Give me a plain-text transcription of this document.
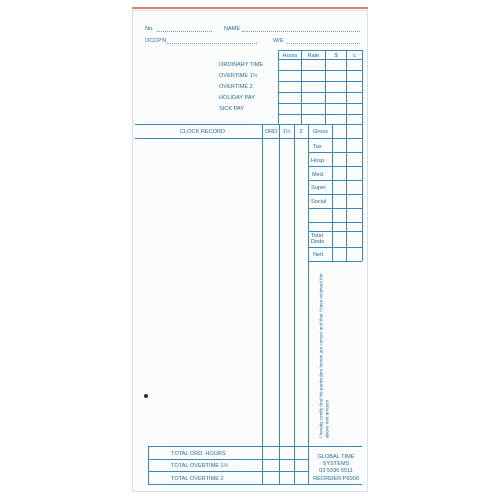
No.	NAME
OCCP'N	W/E
Hours	Rate	$	c
ORDINARY TIME
OVERTIME 1½
OVERTIME 2
HOLIDAY PAY
SICK PAY
CLOCK RECORD	ORD 1½	2	Gross
Tax
Hosp.
Med.
Super
Social
Total Dedn
Nett
I hereby certify that the particulars herein are correct and that I have received the above nett amount
TOTAL ORD. HOURS
TOTAL OVERTIME 1½
TOTAL OVERTIME 2
GLOBAL TIME
SYSTEMS
03 9336 5511
REORDER P6000
